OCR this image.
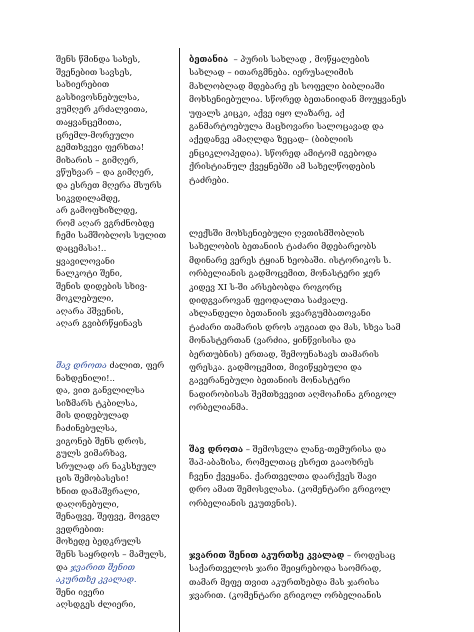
შენს წმინდა სახეს,
შვენებით სავსეს,
სახიერებით
გასხივოსნებულსა,
ვუმღერ კრძალვითა,
თაყვანცემითა,
ცრემლ-მორეული
გემთხვევი ფერხთა!
მიხარის – გიმღერ,
ვწუხვარ – და გიმღერ,
და ესრეთ მღერა მსურს
სიკვდილამდე,
არ გამოფხიზლდე,
რომ აღარ ვგრძნობდე
ჩემი სამშობლოს სულით
დაცემასა!..
ყვავილოვანი
ნალკოტი შენი,
შენის დიდების სხივ-
მოკლებული,
აღარა ჰშვენის,
აღარ გვიბრწყინავს
შავ დროთა ძალით, ფერ
ნახდენილი!..
და, ვით განვლილსა
სიზმარს ტკბილსა,
მის დიდებულად
ჩაძინებულსა,
ვიგონებ შენს დროს,
გულს ვიმარხავ,
სრულად არ ნაკსხეულ
ცის შემობასესი!
ხნით დამაშვრალი,
დაღონებული,
შენაფვე, შეფვე, მოვგლ
ვედრებით:
მოხედე ბედკრულს
შენს საყრდოს – მამულს,
და ჯვარით შენით
აკურთხე კვალად.
შენი ივერი
აღსდგეს ძლიერი,
ბეთანია  – პურის სახლად , მოწყალების
სახლად – ითარგმნება. იერუსალიმის
მახლობლად მდებარე ეს სოფელი ბიბლიაში
მოხსენიებულია. სწორედ ბეთანიიდან მოუყვანეს
უფალს კიცკი, აქვე იყო ლაზარე, აქ
განმარტოებულა მაცხოვარი სალოცავად და
აქედანვე ამაღლდა ზეცად– (ბიბლიის
ენციკლოპედია). სწორედ ამიტომ იგებოდა
ქრისტიანულ ქვეყნებში ამ სახელწოდების
ტაძრები.
ლექსში მოხსენიებული ღვთისმშობლის
სახელობის ბეთანიის ტაძარი მდებარეობს
მდინარე ვერეს ტყიან ხეობაში. ისტორიკოს ს.
ორბელიანის გადმოცემით, მონასტერი ჯერ
კიდევ XI ს-ში არსებობდა როგორც
დიდგვაროვან ფეოდალთა საძვალე.
ახლანდელი ბეთანიის ჯვარგუმბათოვანი
ტაძარი თამარის დროს აუგიათ და მას, სხვა სამ
მონასტერთან (ვარძია, ყინწვისისა და
ბერთუბნის) ერთად, შემოუნახავს თამარის
ფრესკა. გადმოცემით, მივიწყებული და
გავერანებული ბეთანიის მონასტერი
ნადირობისას შემთხვევით აღმოაჩინა გრიგოლ
ორბელიანმა.
შავ დროთა – შემოსვლა ლანგ-თემურისა და
შაჰ-აბაზისა, რომელთაც ესრეთ გააოხრეს
ჩვენი ქვეყანა. ქართველთა დაარქვეს შავი
დრო ამათ შემოსვლასა. (კომენტარი გრიგოლ
ორბელიანის ეკუთვნის).
ჯვარით შენით აკურთხე კვალად – როდესაც
საქართველოს ჯარი შეიყრებოდა საომრად,
თამარ მეფე თვით აკურთხებდა მას ჯარისა
ჯვარით. (კომენტარი გრიგოლ ორბელიანის
